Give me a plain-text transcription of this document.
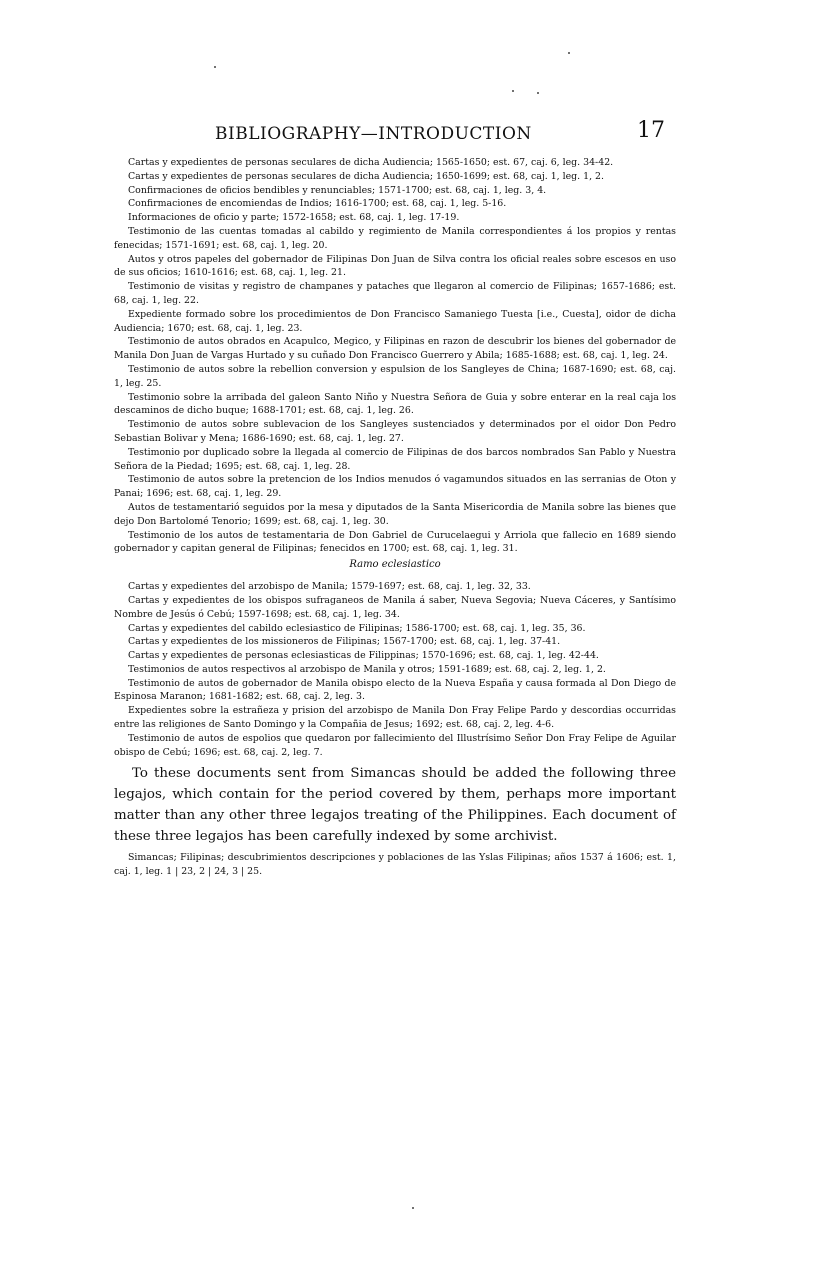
BIBLIOGRAPHY—INTRODUCTION	17

Cartas y expedientes de personas seculares de dicha Audiencia; 1565-1650; est. 67, caj. 6, leg. 34-42.

Cartas y expedientes de personas seculares de dicha Audiencia; 1650-1699; est. 68, caj. 1, leg. 1, 2.

Confirmaciones de oficios bendibles y renunciables; 1571-1700; est. 68, caj. 1, leg. 3, 4.

Confirmaciones de encomiendas de Indios; 1616-1700; est. 68, caj. 1, leg. 5-16.

Informaciones de oficio y parte; 1572-1658; est. 68, caj. 1, leg. 17-19.

Testimonio de las cuentas tomadas al cabildo y regimiento de Manila correspondientes á los propios y rentas fenecidas; 1571-1691; est. 68, caj. 1, leg. 20.

Autos y otros papeles del gobernador de Filipinas Don Juan de Silva contra los oficial reales sobre escesos en uso de sus oficios; 1610-1616; est. 68, caj. 1, leg. 21.

Testimonio de visitas y registro de champanes y pataches que llegaron al comercio de Filipinas; 1657-1686; est. 68, caj. 1, leg. 22.

Expediente formado sobre los procedimientos de Don Francisco Samaniego Tuesta [i.e., Cuesta], oidor de dicha Audiencia; 1670; est. 68, caj. 1, leg. 23.

Testimonio de autos obrados en Acapulco, Megico, y Filipinas en razon de descubrir los bienes del gobernador de Manila Don Juan de Vargas Hurtado y su cuñado Don Francisco Guerrero y Abila; 1685-1688; est. 68, caj. 1, leg. 24.

Testimonio de autos sobre la rebellion conversion y espulsion de los Sangleyes de China; 1687-1690; est. 68, caj. 1, leg. 25.

Testimonio sobre la arribada del galeon Santo Niño y Nuestra Señora de Guia y sobre enterar en la real caja los descaminos de dicho buque; 1688-1701; est. 68, caj. 1, leg. 26.

Testimonio de autos sobre sublevacion de los Sangleyes sustenciados y determinados por el oidor Don Pedro Sebastian Bolivar y Mena; 1686-1690; est. 68, caj. 1, leg. 27.

Testimonio por duplicado sobre la llegada al comercio de Filipinas de dos barcos nombrados San Pablo y Nuestra Señora de la Piedad; 1695; est. 68, caj. 1, leg. 28.

Testimonio de autos sobre la pretencion de los Indios menudos ó vagamundos situados en las serranias de Oton y Panai; 1696; est. 68, caj. 1, leg. 29.

Autos de testamentarió seguidos por la mesa y diputados de la Santa Misericordia de Manila sobre las bienes que dejo Don Bartolomé Tenorio; 1699; est. 68, caj. 1, leg. 30.

Testimonio de los autos de testamentaria de Don Gabriel de Curucelaegui y Arriola que fallecio en 1689 siendo gobernador y capitan general de Filipinas; fenecidos en 1700; est. 68, caj. 1, leg. 31.

Ramo eclesiastico

Cartas y expedientes del arzobispo de Manila; 1579-1697; est. 68, caj. 1, leg. 32, 33.

Cartas y expedientes de los obispos sufraganeos de Manila á saber, Nueva Segovia; Nueva Cáceres, y Santísimo Nombre de Jesús ó Cebú; 1597-1698; est. 68, caj. 1, leg. 34.

Cartas y expedientes del cabildo eclesiastico de Filipinas; 1586-1700; est. 68, caj. 1, leg. 35, 36.

Cartas y expedientes de los missioneros de Filipinas; 1567-1700; est. 68, caj. 1, leg. 37-41.

Cartas y expedientes de personas eclesiasticas de Filippinas; 1570-1696; est. 68, caj. 1, leg. 42-44.

Testimonios de autos respectivos al arzobispo de Manila y otros; 1591-1689; est. 68, caj. 2, leg. 1, 2.

Testimonio de autos de gobernador de Manila obispo electo de la Nueva España y causa formada al Don Diego de Espinosa Maranon; 1681-1682; est. 68, caj. 2, leg. 3.

Expedientes sobre la estrañeza y prision del arzobispo de Manila Don Fray Felipe Pardo y descordias occurridas entre las religiones de Santo Domingo y la Compañia de Jesus; 1692; est. 68, caj. 2, leg. 4-6.

Testimonio de autos de espolios que quedaron por fallecimiento del Illustrísimo Señor Don Fray Felipe de Aguilar obispo de Cebú; 1696; est. 68, caj. 2, leg. 7.

To these documents sent from Simancas should be added the following three legajos, which contain for the period covered by them, perhaps more important matter than any other three legajos treating of the Philippines. Each document of these three legajos has been carefully indexed by some archivist.

Simancas; Filipinas; descubrimientos descripciones y poblaciones de las Yslas Filipinas; años 1537 á 1606; est. 1, caj. 1, leg. 1 | 23, 2 | 24, 3 | 25.
